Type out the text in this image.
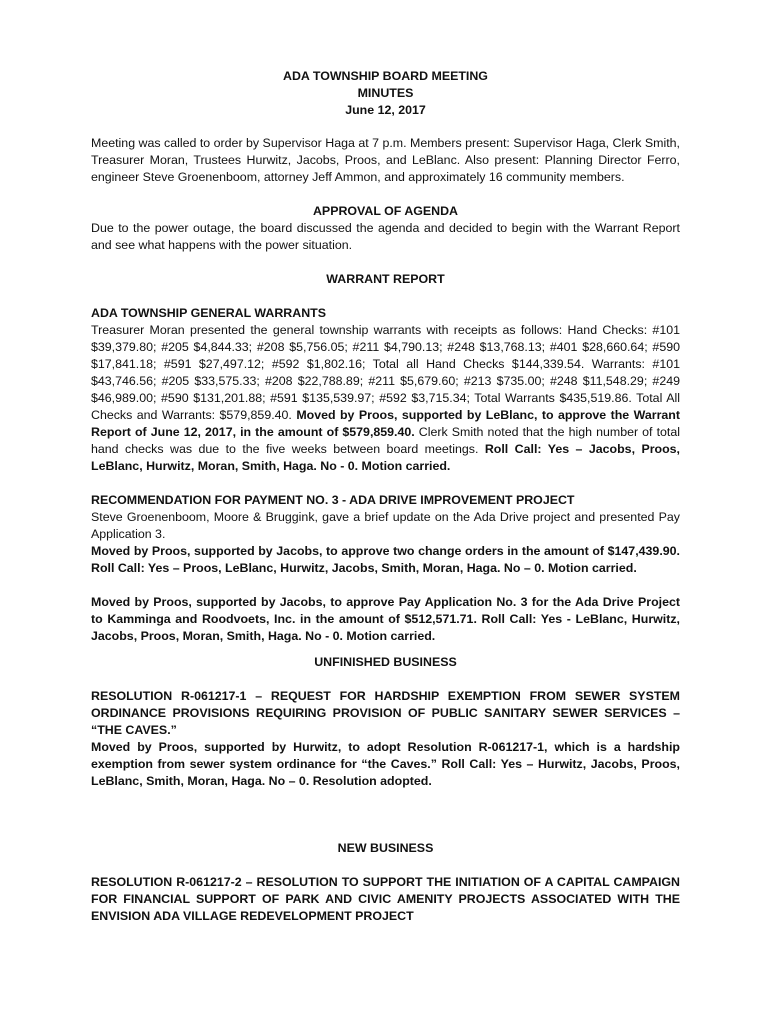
ADA TOWNSHIP BOARD MEETING

MINUTES

June 12, 2017

Meeting was called to order by Supervisor Haga at 7 p.m. Members present: Supervisor Haga, Clerk Smith, Treasurer Moran, Trustees Hurwitz, Jacobs, Proos, and LeBlanc. Also present: Planning Director Ferro, engineer Steve Groenenboom, attorney Jeff Ammon, and approximately 16 community members.

APPROVAL OF AGENDA

Due to the power outage, the board discussed the agenda and decided to begin with the Warrant Report and see what happens with the power situation.

WARRANT REPORT

ADA TOWNSHIP GENERAL WARRANTS

Treasurer Moran presented the general township warrants with receipts as follows: Hand Checks: #101 $39,379.80; #205 $4,844.33; #208 $5,756.05; #211 $4,790.13; #248 $13,768.13; #401 $28,660.64; #590 $17,841.18; #591 $27,497.12; #592 $1,802.16; Total all Hand Checks $144,339.54. Warrants: #101 $43,746.56; #205 $33,575.33; #208 $22,788.89; #211 $5,679.60; #213 $735.00; #248 $11,548.29; #249 $46,989.00; #590 $131,201.88; #591 $135,539.97; #592 $3,715.34; Total Warrants $435,519.86. Total All Checks and Warrants: $579,859.40. Moved by Proos, supported by LeBlanc, to approve the Warrant Report of June 12, 2017, in the amount of $579,859.40. Clerk Smith noted that the high number of total hand checks was due to the five weeks between board meetings. Roll Call: Yes – Jacobs, Proos, LeBlanc, Hurwitz, Moran, Smith, Haga. No - 0. Motion carried.

RECOMMENDATION FOR PAYMENT NO. 3 - ADA DRIVE IMPROVEMENT PROJECT

Steve Groenenboom, Moore & Bruggink, gave a brief update on the Ada Drive project and presented Pay Application 3.

Moved by Proos, supported by Jacobs, to approve two change orders in the amount of $147,439.90. Roll Call: Yes – Proos, LeBlanc, Hurwitz, Jacobs, Smith, Moran, Haga. No – 0. Motion carried.

Moved by Proos, supported by Jacobs, to approve Pay Application No. 3 for the Ada Drive Project to Kamminga and Roodvoets, Inc. in the amount of $512,571.71. Roll Call: Yes - LeBlanc, Hurwitz, Jacobs, Proos, Moran, Smith, Haga. No - 0. Motion carried.

UNFINISHED BUSINESS

RESOLUTION R-061217-1 – REQUEST FOR HARDSHIP EXEMPTION FROM SEWER SYSTEM ORDINANCE PROVISIONS REQUIRING PROVISION OF PUBLIC SANITARY SEWER SERVICES – “THE CAVES.”

Moved by Proos, supported by Hurwitz, to adopt Resolution R-061217-1, which is a hardship exemption from sewer system ordinance for “the Caves.” Roll Call: Yes – Hurwitz, Jacobs, Proos, LeBlanc, Smith, Moran, Haga. No – 0. Resolution adopted.

NEW BUSINESS

RESOLUTION R-061217-2 – RESOLUTION TO SUPPORT THE INITIATION OF A CAPITAL CAMPAIGN FOR FINANCIAL SUPPORT OF PARK AND CIVIC AMENITY PROJECTS ASSOCIATED WITH THE ENVISION ADA VILLAGE REDEVELOPMENT PROJECT
